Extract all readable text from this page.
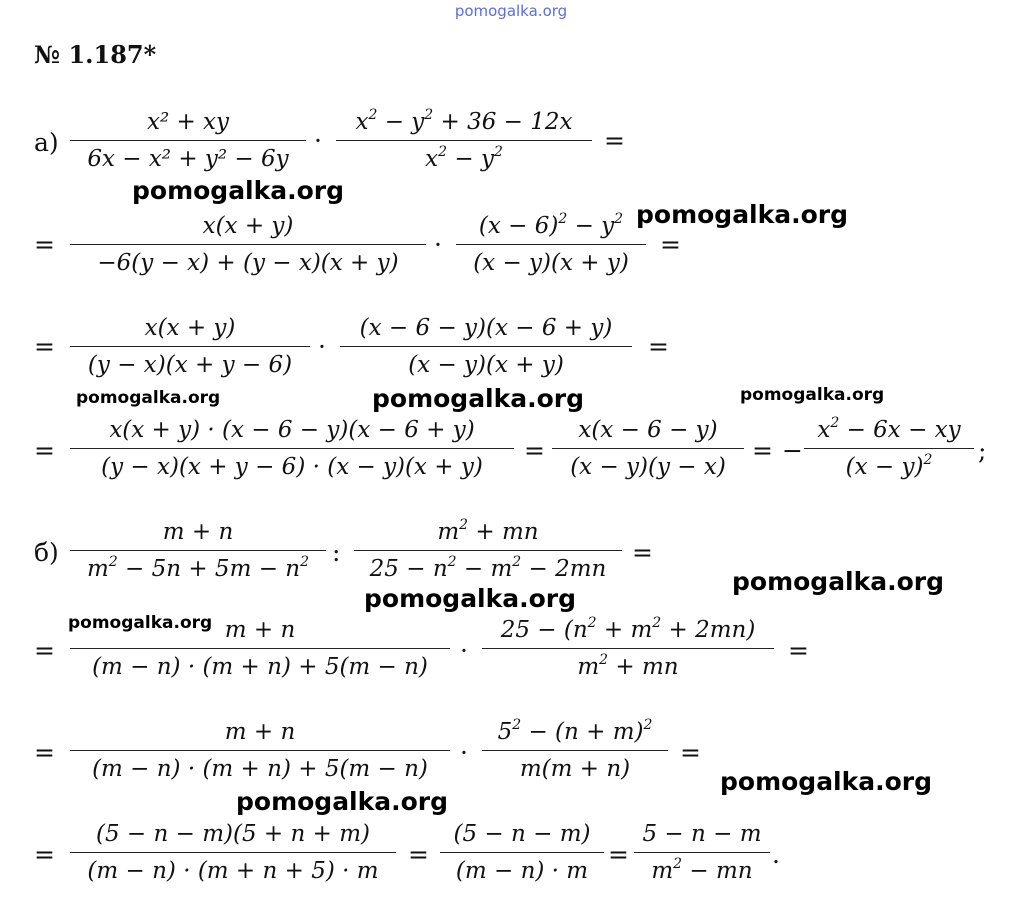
pomogalka.org
№ 1.187*
а)
x² + xy
6x − x² + y² − 6y
·
$x^2 - y^2 + 36 - 12x$
$x^2 - y^2$	=
=
x(x + y)
−6(y − x) + (y − x)(x + y)
·
$(x - 6)^2 - y^2$
(x − y)(x + y)
=
=
x(x + y)
(y − x)(x + y − 6)
·
(x − 6 − y)(x − 6 + y)
(x − y)(x + y)
=
=
x(x + y) · (x − 6 − y)(x − 6 + y)
(y − x)(x + y − 6) · (x − y)(x + y)
=
x(x − 6 − y)
(x − y)(y − x)
= −
$x^2 - 6x$ − xy
$(x - y)^2$	;
б)
m + n
$m^2 - 5n + 5m - n^2$ :
$m^2$ + mn
$25 - n^2 - m^2 - 2mn$
=
=
m + n
(m − n) · (m + n) + 5(m − n)
·
$25 - (n^2 + m^2 + 2mn)$
$m^2$ + mn
=
=
m + n
(m − n) · (m + n) + 5(m − n)
·
$5^2 - (n + m)^2$
m(m + n)
=
=
(5 − n − m)(5 + n + m)
(m − n) · (m + n + 5) · m
=
(5 − n − m)
(m − n) · m
=
5 − n − m
$m^2$ − mn
.
pomogalka.org
pomogalka.org
pomogalka.org	pomogalka.org	pomogalka.org
pomogalka.org
pomogalka.org
pomogalka.org
pomogalka.org
pomogalka.org
